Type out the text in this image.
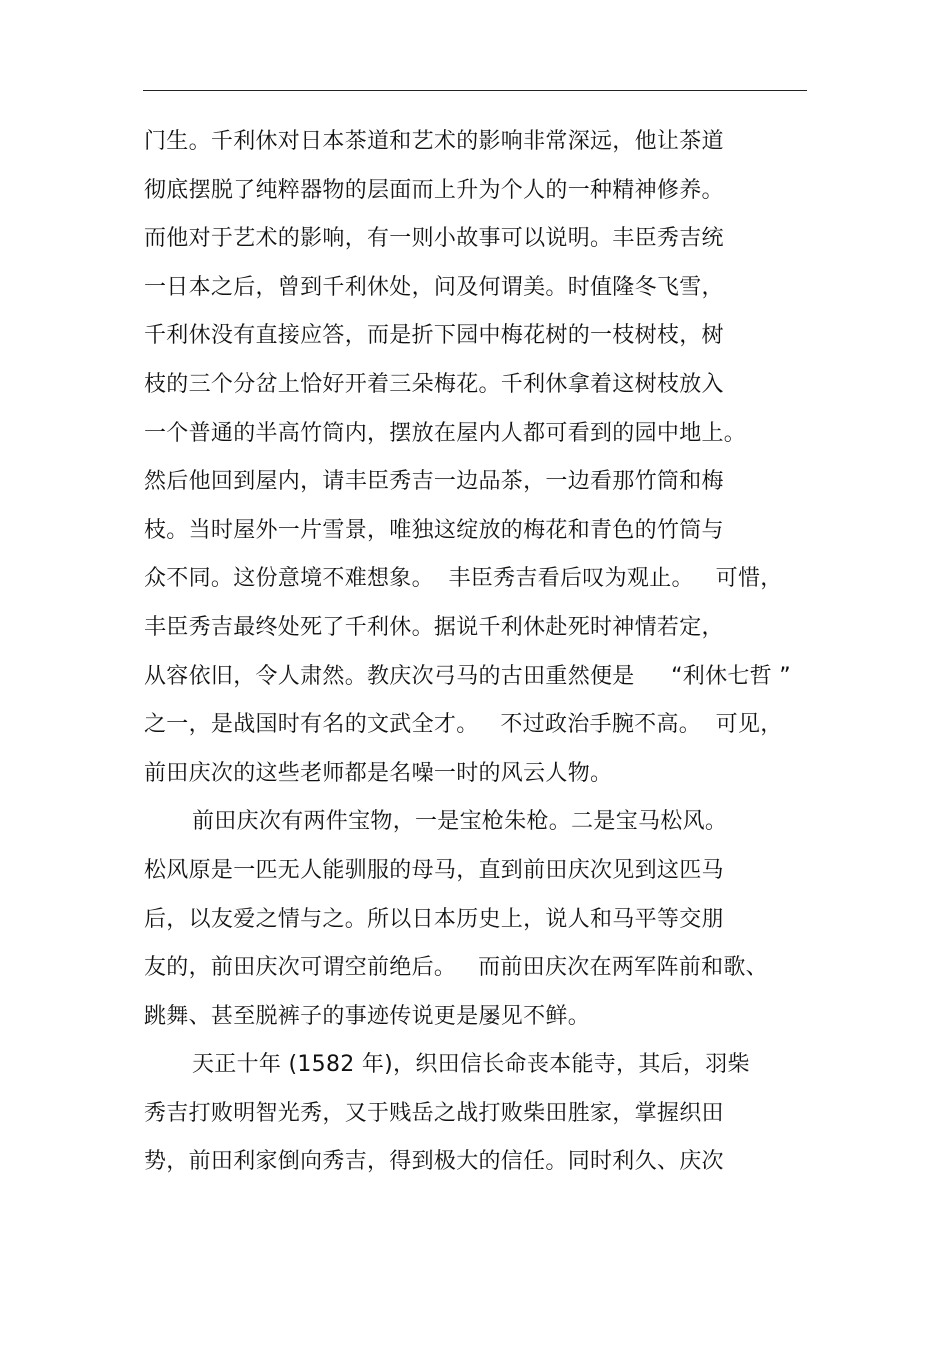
门生。千利休对日本茶道和艺术的影响非常深远，他让茶道
彻底摆脱了纯粹器物的层面而上升为个人的一种精神修养。
而他对于艺术的影响，有一则小故事可以说明。丰臣秀吉统
一日本之后，曾到千利休处，问及何谓美。时值隆冬飞雪，
千利休没有直接应答，而是折下园中梅花树的一枝树枝，树
枝的三个分岔上恰好开着三朵梅花。千利休拿着这树枝放入
一个普通的半高竹筒内，摆放在屋内人都可看到的园中地上。
然后他回到屋内，请丰臣秀吉一边品茶，一边看那竹筒和梅
枝。当时屋外一片雪景，唯独这绽放的梅花和青色的竹筒与
众不同。这份意境不难想象。  丰臣秀吉看后叹为观止。   可惜，
丰臣秀吉最终处死了千利休。据说千利休赴死时神情若定，
从容依旧，令人肃然。教庆次弓马的古田重然便是     “利休七哲 ”
之一，是战国时有名的文武全才。   不过政治手腕不高。  可见，
前田庆次的这些老师都是名噪一时的风云人物。
前田庆次有两件宝物，一是宝枪朱枪。二是宝马松风。
松风原是一匹无人能驯服的母马，直到前田庆次见到这匹马
后，以友爱之情与之。所以日本历史上，说人和马平等交朋
友的，前田庆次可谓空前绝后。   而前田庆次在两军阵前和歌、
跳舞、甚至脱裤子的事迹传说更是屡见不鲜。
天正十年 (1582 年)，织田信长命丧本能寺，其后，羽柴
秀吉打败明智光秀，又于贱岳之战打败柴田胜家，掌握织田
势，前田利家倒向秀吉，得到极大的信任。同时利久、庆次
